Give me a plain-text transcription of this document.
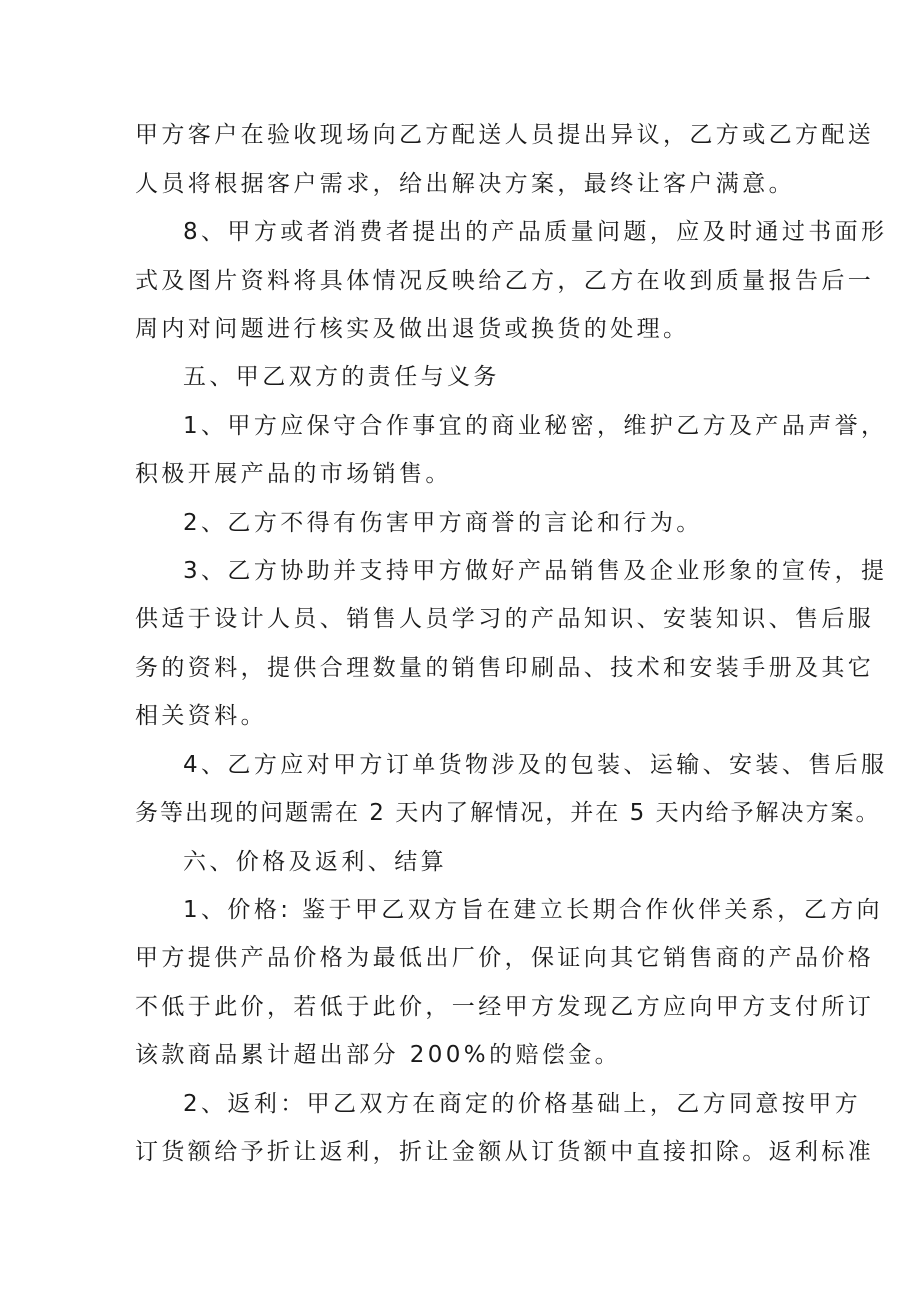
甲方客户在验收现场向乙方配送人员提出异议，乙方或乙方配送
人员将根据客户需求，给出解决方案，最终让客户满意。
8、甲方或者消费者提出的产品质量问题，应及时通过书面形
式及图片资料将具体情况反映给乙方，乙方在收到质量报告后一
周内对问题进行核实及做出退货或换货的处理。
五、甲乙双方的责任与义务
1、甲方应保守合作事宜的商业秘密，维护乙方及产品声誉，
积极开展产品的市场销售。
2、乙方不得有伤害甲方商誉的言论和行为。
3、乙方协助并支持甲方做好产品销售及企业形象的宣传，提
供适于设计人员、销售人员学习的产品知识、安装知识、售后服
务的资料，提供合理数量的销售印刷品、技术和安装手册及其它
相关资料。
4、乙方应对甲方订单货物涉及的包装、运输、安装、售后服
务等出现的问题需在 2 天内了解情况，并在 5 天内给予解决方案。
六、价格及返利、结算
1、价格: 鉴于甲乙双方旨在建立长期合作伙伴关系，乙方向
甲方提供产品价格为最低出厂价，保证向其它销售商的产品价格
不低于此价，若低于此价，一经甲方发现乙方应向甲方支付所订
该款商品累计超出部分 200%的赔偿金。
2、返利：甲乙双方在商定的价格基础上，乙方同意按甲方
订货额给予折让返利，折让金额从订货额中直接扣除。返利标准
